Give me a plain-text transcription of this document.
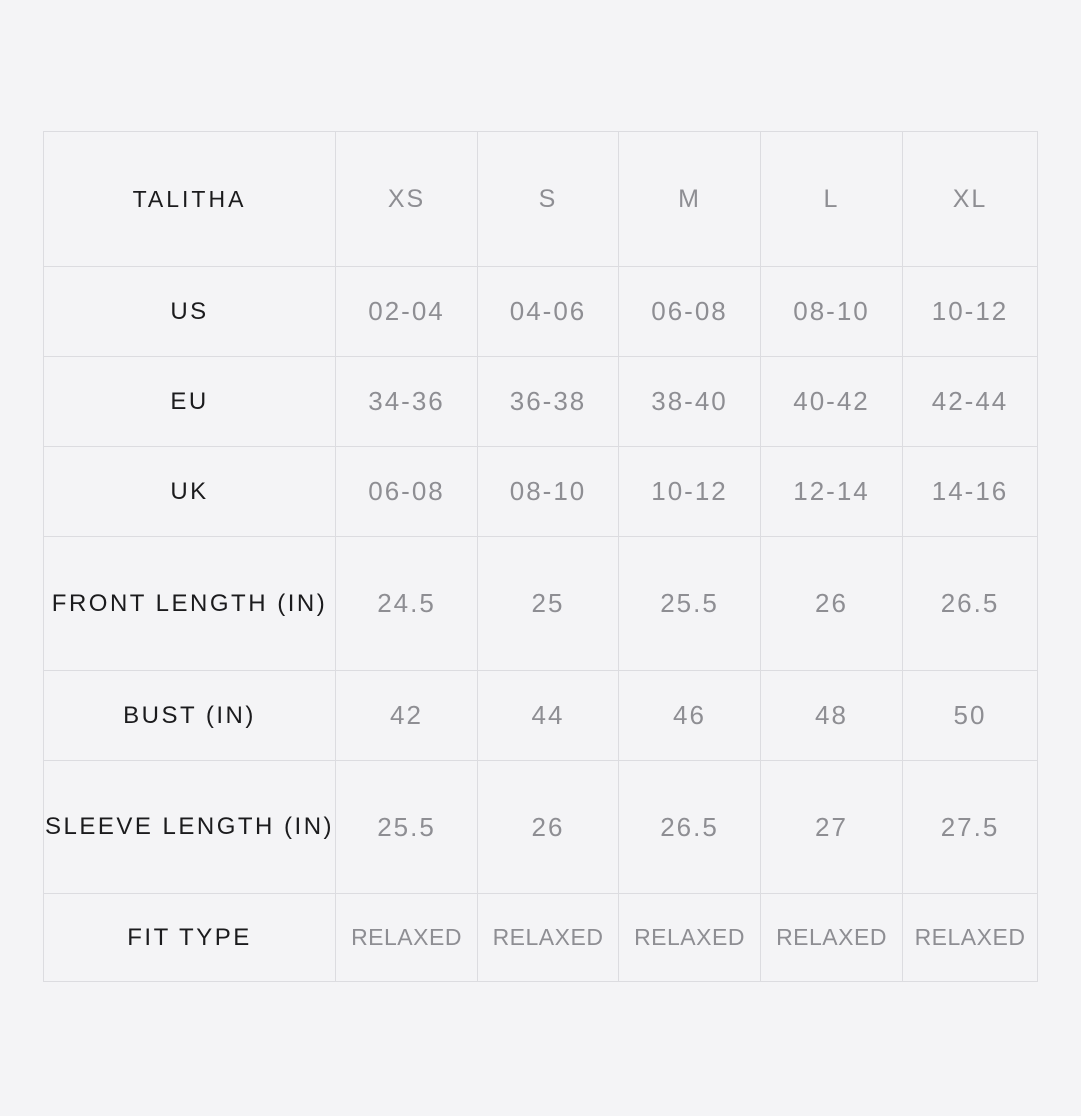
TALITHA	XS	S	M	L	XL
US	02-04	04-06	06-08	08-10	10-12
EU	34-36	36-38	38-40	40-42	42-44
UK	06-08	08-10	10-12	12-14	14-16
FRONT LENGTH (IN)	24.5	25	25.5	26	26.5
BUST (IN)	42	44	46	48	50
SLEEVE LENGTH (IN)	25.5	26	26.5	27	27.5
FIT TYPE	RELAXED	RELAXED	RELAXED	RELAXED	RELAXED
